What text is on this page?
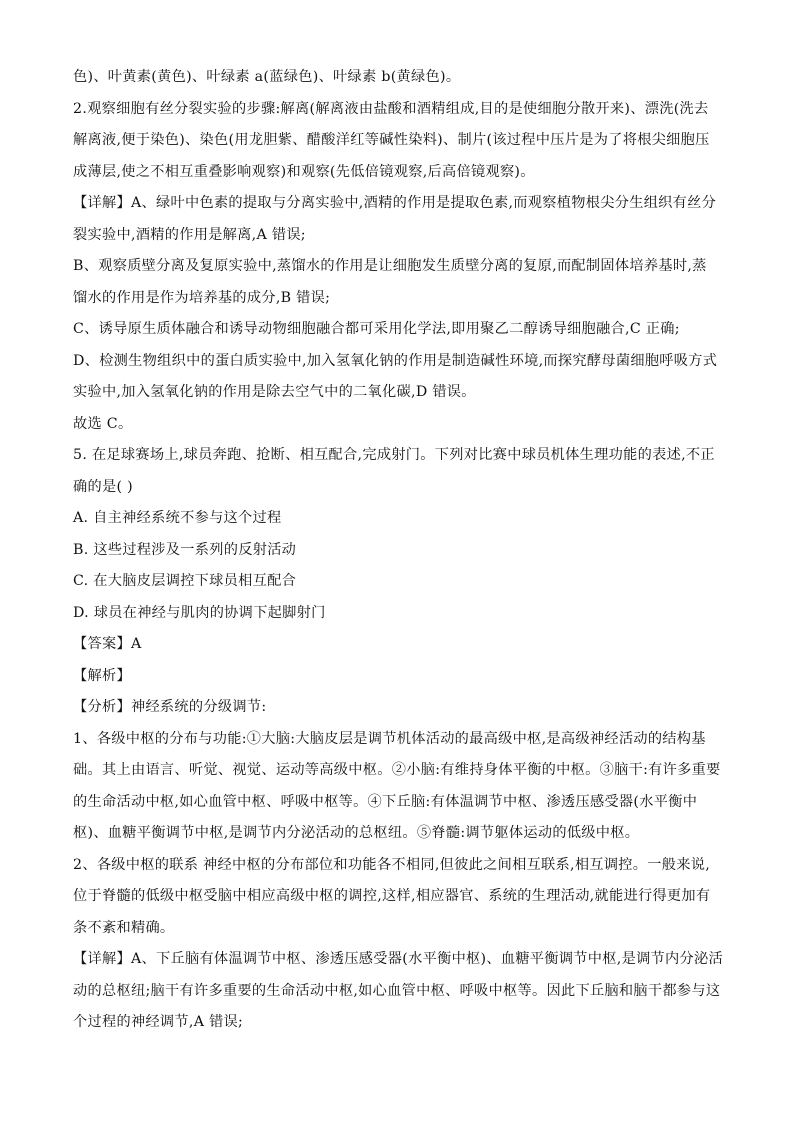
色)、叶黄素(黄色)、叶绿素 a(蓝绿色)、叶绿素 b(黄绿色)。
2.观察细胞有丝分裂实验的步骤:解离(解离液由盐酸和酒精组成,目的是使细胞分散开来)、漂洗(洗去
解离液,便于染色)、染色(用龙胆紫、醋酸洋红等碱性染料)、制片(该过程中压片是为了将根尖细胞压
成薄层,使之不相互重叠影响观察)和观察(先低倍镜观察,后高倍镜观察)。
【详解】A、绿叶中色素的提取与分离实验中,酒精的作用是提取色素,而观察植物根尖分生组织有丝分
裂实验中,酒精的作用是解离,A 错误;
B、观察质壁分离及复原实验中,蒸馏水的作用是让细胞发生质壁分离的复原,而配制固体培养基时,蒸
馏水的作用是作为培养基的成分,B 错误;
C、诱导原生质体融合和诱导动物细胞融合都可采用化学法,即用聚乙二醇诱导细胞融合,C 正确;
D、检测生物组织中的蛋白质实验中,加入氢氧化钠的作用是制造碱性环境,而探究酵母菌细胞呼吸方式
实验中,加入氢氧化钠的作用是除去空气中的二氧化碳,D 错误。
故选 C。
5. 在足球赛场上,球员奔跑、抢断、相互配合,完成射门。下列对比赛中球员机体生理功能的表述,不正
确的是( )
A. 自主神经系统不参与这个过程
B. 这些过程涉及一系列的反射活动
C. 在大脑皮层调控下球员相互配合
D. 球员在神经与肌肉的协调下起脚射门
【答案】A
【解析】
【分析】神经系统的分级调节:
1、各级中枢的分布与功能:①大脑:大脑皮层是调节机体活动的最高级中枢,是高级神经活动的结构基
础。其上由语言、听觉、视觉、运动等高级中枢。②小脑:有维持身体平衡的中枢。③脑干:有许多重要
的生命活动中枢,如心血管中枢、呼吸中枢等。④下丘脑:有体温调节中枢、渗透压感受器(水平衡中
枢)、血糖平衡调节中枢,是调节内分泌活动的总枢纽。⑤脊髓:调节躯体运动的低级中枢。
2、各级中枢的联系 神经中枢的分布部位和功能各不相同,但彼此之间相互联系,相互调控。一般来说,
位于脊髓的低级中枢受脑中相应高级中枢的调控,这样,相应器官、系统的生理活动,就能进行得更加有
条不紊和精确。
【详解】A、下丘脑有体温调节中枢、渗透压感受器(水平衡中枢)、血糖平衡调节中枢,是调节内分泌活
动的总枢纽;脑干有许多重要的生命活动中枢,如心血管中枢、呼吸中枢等。因此下丘脑和脑干都参与这
个过程的神经调节,A 错误;
